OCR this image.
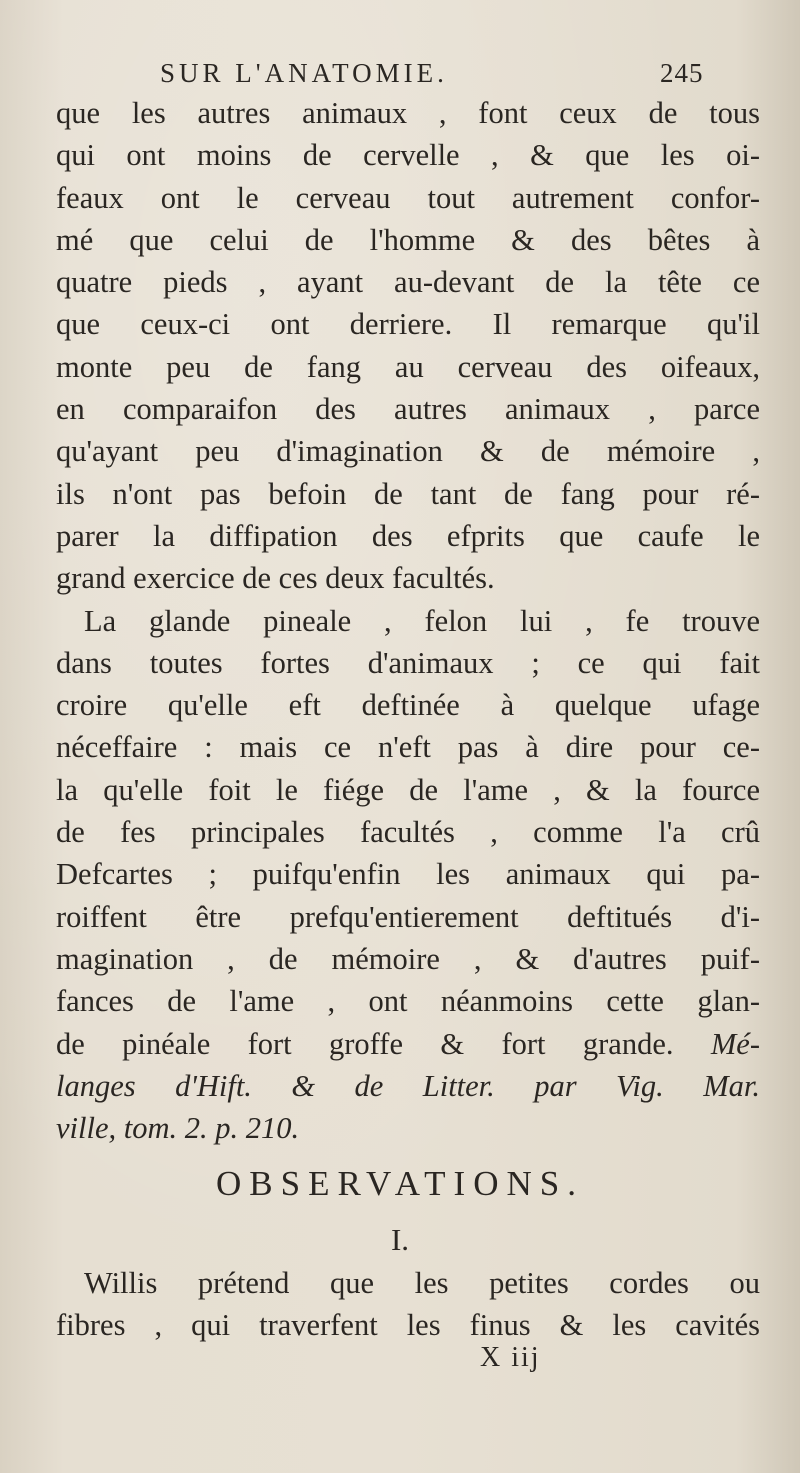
SUR L'ANATOMIE.	245
que les autres animaux , font ceux de tous
qui ont moins de cervelle , & que les oi-
feaux ont le cerveau tout autrement confor-
mé que celui de l'homme & des bêtes à
quatre pieds , ayant au-devant de la tête ce
que ceux-ci ont derriere. Il remarque qu'il
monte peu de fang au cerveau des oifeaux,
en comparaifon des autres animaux , parce
qu'ayant peu d'imagination & de mémoire ,
ils n'ont pas befoin de tant de fang pour ré-
parer la diffipation des efprits que caufe le
grand exercice de ces deux facultés.
La glande pineale , felon lui , fe trouve
dans toutes fortes d'animaux ; ce qui fait
croire qu'elle eft deftinée à quelque ufage
néceffaire : mais ce n'eft pas à dire pour ce-
la qu'elle foit le fiége de l'ame , & la fource
de fes principales facultés , comme l'a crû
Defcartes ; puifqu'enfin les animaux qui pa-
roiffent être prefqu'entierement deftitués d'i-
magination , de mémoire , & d'autres puif-
fances de l'ame , ont néanmoins cette glan-
de pinéale fort groffe & fort grande. Mé-
langes d'Hift. & de Litter. par Vig. Mar.
ville, tom. 2. p. 210.
OBSERVATIONS.
I.
Willis prétend que les petites cordes ou
fibres , qui traverfent les finus & les cavités
X iij
